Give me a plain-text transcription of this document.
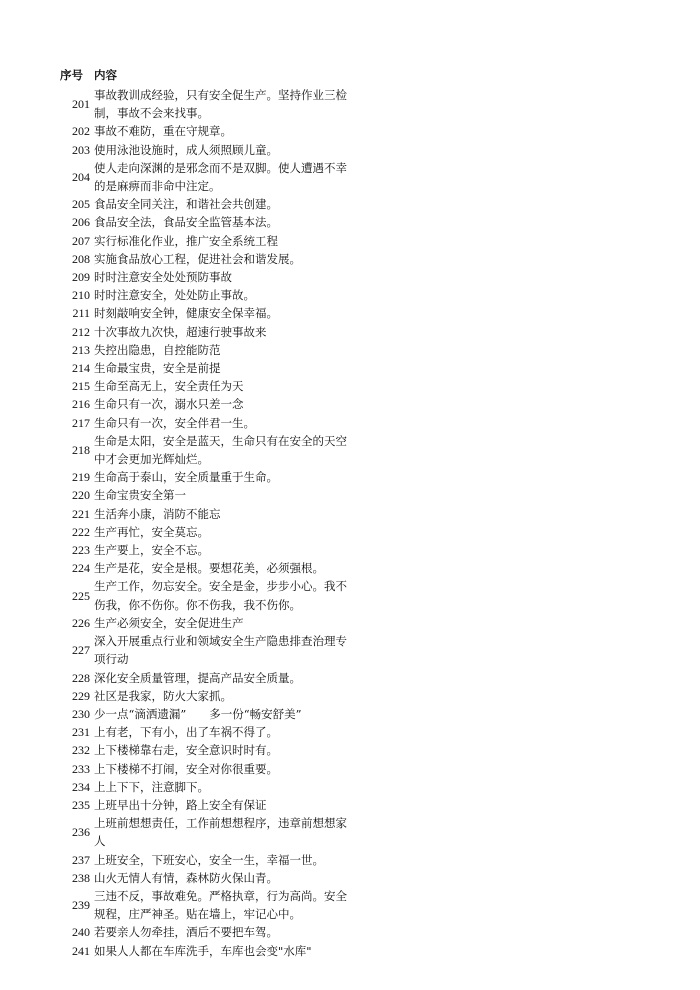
序号 内容
201
事故教训成经验，只有安全促生产。坚持作业三检制，事故不会来找事。
202 事故不难防，重在守规章。
203 使用泳池设施时，成人须照顾儿童。
204
使人走向深渊的是邪念而不是双脚。使人遭遇不幸的是麻痹而非命中注定。
205 食品安全同关注，和谐社会共创建。
206 食品安全法，食品安全监管基本法。
207 实行标准化作业，推广安全系统工程
208 实施食品放心工程，促进社会和谐发展。
209 时时注意安全处处预防事故
210 时时注意安全，处处防止事故。
211 时刻敲响安全钟，健康安全保幸福。
212 十次事故九次快，超速行驶事故来
213 失控出隐患，自控能防范
214 生命最宝贵，安全是前提
215 生命至高无上，安全责任为天
216 生命只有一次，溺水只差一念
217 生命只有一次，安全伴君一生。
218
生命是太阳，安全是蓝天，生命只有在安全的天空中才会更加光辉灿烂。
219 生命高于泰山，安全质量重于生命。
220 生命宝贵安全第一
221 生活奔小康，消防不能忘
222 生产再忙，安全莫忘。
223 生产要上，安全不忘。
224 生产是花，安全是根。要想花美，必须强根。
225
生产工作，勿忘安全。安全是金，步步小心。我不伤我，你不伤你。你不伤我，我不伤你。
226 生产必须安全，安全促进生产
227
深入开展重点行业和领域安全生产隐患排查治理专项行动
228 深化安全质量管理，提高产品安全质量。
229 社区是我家，防火大家抓。
230 少一点“滴洒遗漏”　　多一份“畅安舒美”
231 上有老，下有小，出了车祸不得了。
232 上下楼梯靠右走，安全意识时时有。
233 上下楼梯不打闹，安全对你很重要。
234 上上下下，注意脚下。
235 上班早出十分钟，路上安全有保证
236
上班前想想责任，工作前想想程序，违章前想想家人
237 上班安全，下班安心，安全一生，幸福一世。
238 山火无情人有情，森林防火保山青。
239
三违不反，事故难免。严格执章，行为高尚。安全规程，庄严神圣。贴在墙上，牢记心中。
240 若要亲人勿牵挂，酒后不要把车驾。
241 如果人人都在车库洗手，车库也会变"水库"
